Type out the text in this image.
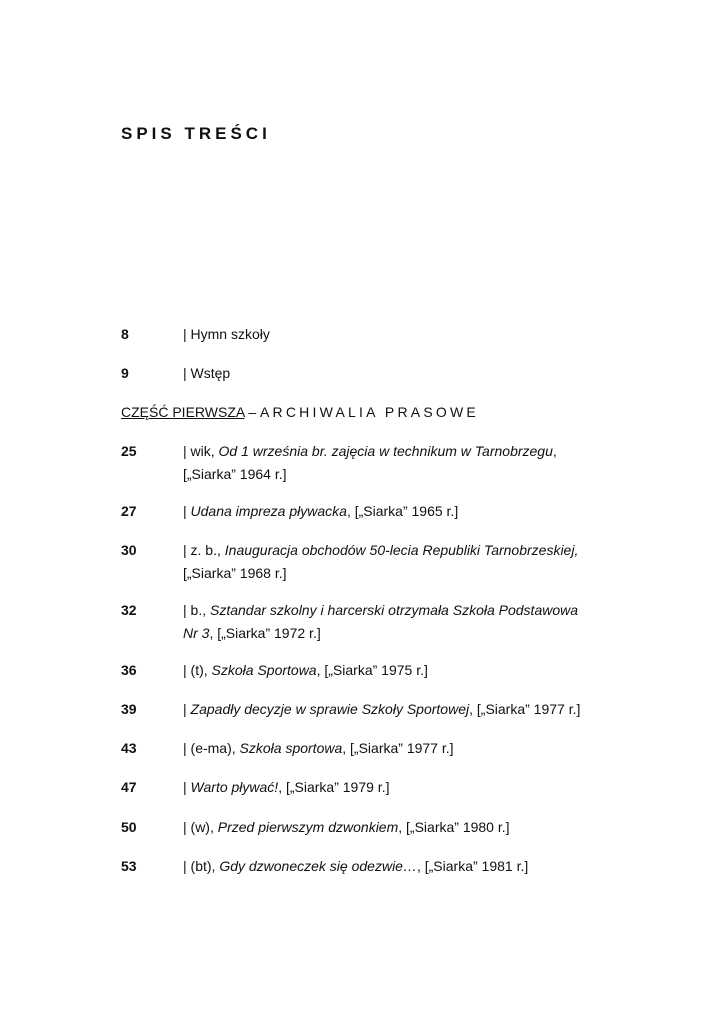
SPIS TREŚCI
8	| Hymn szkoły
9	| Wstęp
CZĘŚĆ PIERWSZA – ARCHIWALIA PRASOWE
25	| wik, Od 1 września br. zajęcia w technikum w Tarnobrzegu,
[„Siarka” 1964 r.]
27	| Udana impreza pływacka, [„Siarka” 1965 r.]
30	| z. b., Inauguracja obchodów 50-lecia Republiki Tarnobrzeskiej,
[„Siarka” 1968 r.]
32	| b., Sztandar szkolny i harcerski otrzymała Szkoła Podstawowa
Nr 3, [„Siarka” 1972 r.]
36	| (t), Szkoła Sportowa, [„Siarka” 1975 r.]
39	| Zapadły decyzje w sprawie Szkoły Sportowej, [„Siarka” 1977 r.]
43	| (e-ma), Szkoła sportowa, [„Siarka” 1977 r.]
47	| Warto pływać!, [„Siarka” 1979 r.]
50	| (w), Przed pierwszym dzwonkiem, [„Siarka” 1980 r.]
53	| (bt), Gdy dzwoneczek się odezwie…, [„Siarka” 1981 r.]
